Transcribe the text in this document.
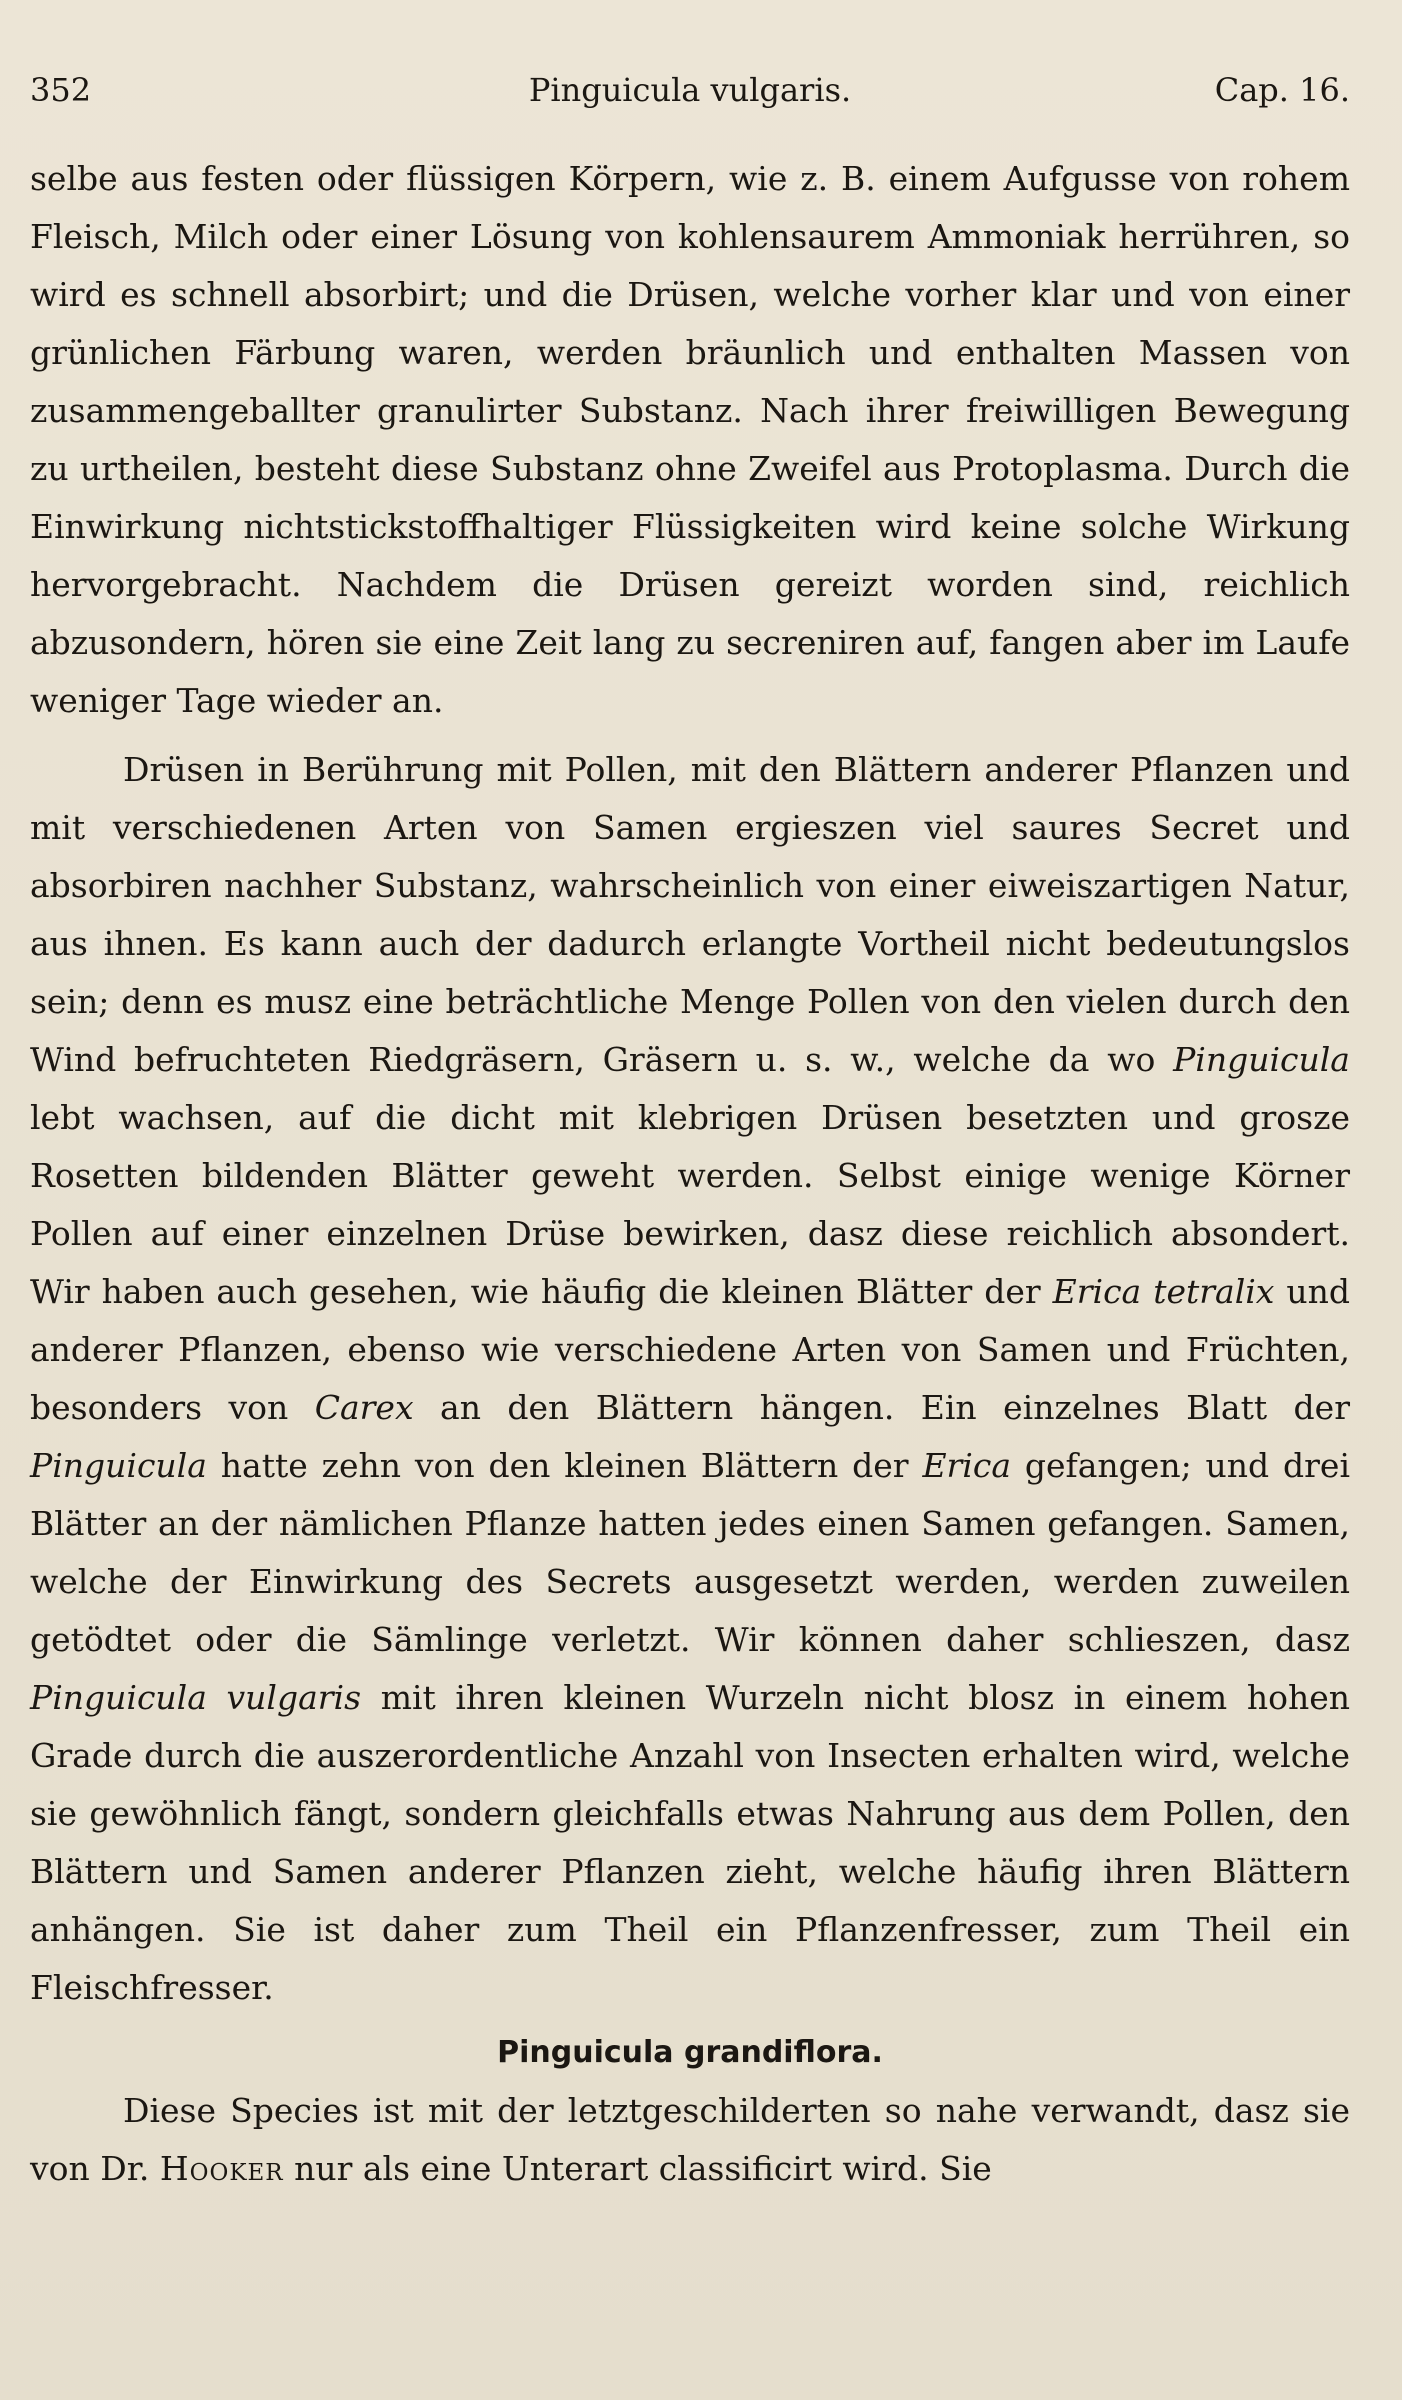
352	Pinguicula vulgaris.	Cap. 16.

selbe aus festen oder flüssigen Körpern, wie z. B. einem Aufgusse von rohem Fleisch, Milch oder einer Lösung von kohlensaurem Ammoniak herrühren, so wird es schnell absorbirt; und die Drüsen, welche vorher klar und von einer grünlichen Färbung waren, werden bräunlich und enthalten Massen von zusammengeballter granulirter Substanz. Nach ihrer freiwilligen Bewegung zu urtheilen, besteht diese Substanz ohne Zweifel aus Protoplasma. Durch die Einwirkung nichtstickstoffhaltiger Flüssigkeiten wird keine solche Wirkung hervorgebracht. Nachdem die Drüsen gereizt worden sind, reichlich abzusondern, hören sie eine Zeit lang zu secreniren auf, fangen aber im Laufe weniger Tage wieder an.

Drüsen in Berührung mit Pollen, mit den Blättern anderer Pflanzen und mit verschiedenen Arten von Samen ergieszen viel saures Secret und absorbiren nachher Substanz, wahrscheinlich von einer eiweiszartigen Natur, aus ihnen. Es kann auch der dadurch erlangte Vortheil nicht bedeutungslos sein; denn es musz eine beträchtliche Menge Pollen von den vielen durch den Wind befruchteten Riedgräsern, Gräsern u. s. w., welche da wo Pinguicula lebt wachsen, auf die dicht mit klebrigen Drüsen besetzten und grosze Rosetten bildenden Blätter geweht werden. Selbst einige wenige Körner Pollen auf einer einzelnen Drüse bewirken, dasz diese reichlich absondert. Wir haben auch gesehen, wie häufig die kleinen Blätter der Erica tetralix und anderer Pflanzen, ebenso wie verschiedene Arten von Samen und Früchten, besonders von Carex an den Blättern hängen. Ein einzelnes Blatt der Pinguicula hatte zehn von den kleinen Blättern der Erica gefangen; und drei Blätter an der nämlichen Pflanze hatten jedes einen Samen gefangen. Samen, welche der Einwirkung des Secrets ausgesetzt werden, werden zuweilen getödtet oder die Sämlinge verletzt. Wir können daher schlieszen, dasz Pinguicula vulgaris mit ihren kleinen Wurzeln nicht blosz in einem hohen Grade durch die auszerordentliche Anzahl von Insecten erhalten wird, welche sie gewöhnlich fängt, sondern gleichfalls etwas Nahrung aus dem Pollen, den Blättern und Samen anderer Pflanzen zieht, welche häufig ihren Blättern anhängen. Sie ist daher zum Theil ein Pflanzenfresser, zum Theil ein Fleischfresser.

Pinguicula grandiflora.

Diese Species ist mit der letztgeschilderten so nahe verwandt, dasz sie von Dr. Hooker nur als eine Unterart classificirt wird. Sie
